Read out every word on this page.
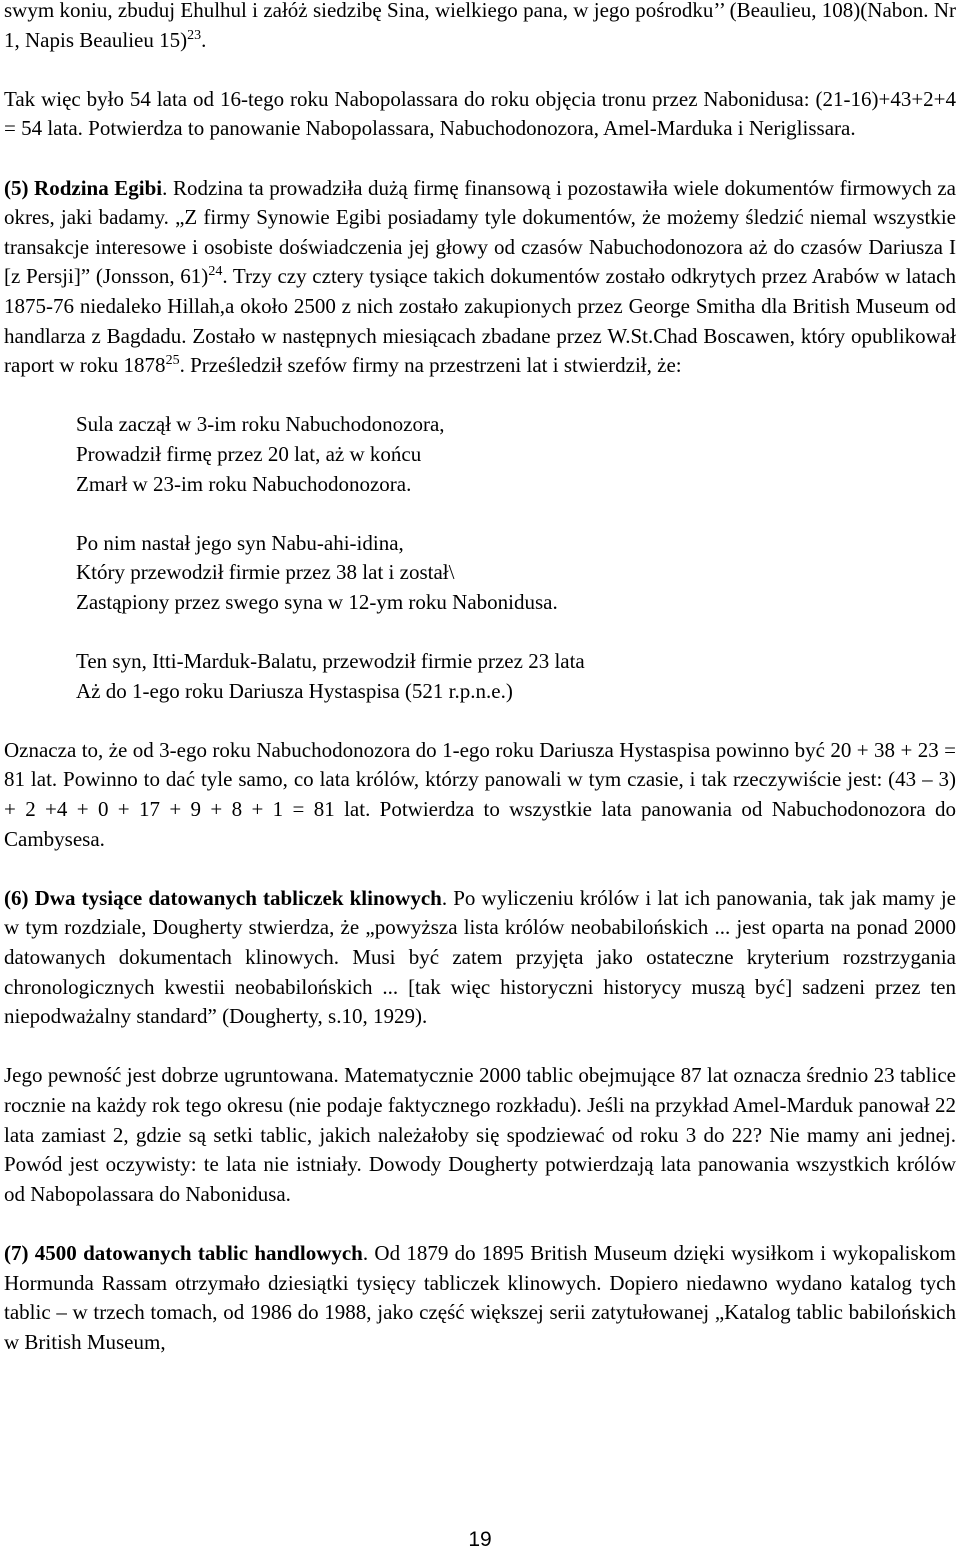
swym koniu, zbuduj Ehulhul i załóż siedzibę Sina, wielkiego pana, w jego pośrodku’’ (Beaulieu, 108)(Nabon. Nr 1, Napis Beaulieu 15)$^{23}$.

Tak więc było 54 lata od 16-tego roku Nabopolassara do roku objęcia tronu przez Nabonidusa: (21-16)+43+2+4 = 54 lata. Potwierdza to panowanie Nabopolassara, Nabuchodonozora, Amel-Marduka i Neriglissara.

(5) Rodzina Egibi. Rodzina ta prowadziła dużą firmę finansową i pozostawiła wiele dokumentów firmowych za okres, jaki badamy. „Z firmy Synowie Egibi posiadamy tyle dokumentów, że możemy śledzić niemal wszystkie transakcje interesowe i osobiste doświadczenia jej głowy od czasów Nabuchodonozora aż do czasów Dariusza I [z Persji]” (Jonsson, 61)$^{24}$. Trzy czy cztery tysiące takich dokumentów zostało odkrytych przez Arabów w latach 1875-76 niedaleko Hillah,a około 2500 z nich zostało zakupionych przez George Smitha dla British Museum od handlarza z Bagdadu. Zostało w następnych miesiącach zbadane przez W.St.Chad Boscawen, który opublikował raport w roku 1878$^{25}$. Prześledził szefów firmy na przestrzeni lat i stwierdził, że:

Sula zaczął w 3-im roku Nabuchodonozora,

Prowadził firmę przez 20 lat, aż w końcu

Zmarł w 23-im roku Nabuchodonozora.

Po nim nastał jego syn Nabu-ahi-idina,

Który przewodził firmie przez 38 lat i został\

Zastąpiony przez swego syna w 12-ym roku Nabonidusa.

Ten syn, Itti-Marduk-Balatu, przewodził firmie przez 23 lata

Aż do 1-ego roku Dariusza Hystaspisa (521 r.p.n.e.)

Oznacza to, że od 3-ego roku Nabuchodonozora do 1-ego roku Dariusza Hystaspisa powinno być 20 + 38 + 23 = 81 lat. Powinno to dać tyle samo, co lata królów, którzy panowali w tym czasie, i tak rzeczywiście jest: (43 – 3) + 2 +4 + 0 + 17 + 9 + 8 + 1 = 81 lat. Potwierdza to wszystkie lata panowania od Nabuchodonozora do Cambysesa.

(6) Dwa tysiące datowanych tabliczek klinowych. Po wyliczeniu królów i lat ich panowania, tak jak mamy je w tym rozdziale, Dougherty stwierdza, że „powyższa lista królów neobabilońskich ... jest oparta na ponad 2000 datowanych dokumentach klinowych. Musi być zatem przyjęta jako ostateczne kryterium rozstrzygania chronologicznych kwestii neobabilońskich ... [tak więc historyczni historycy muszą być] sadzeni przez ten niepodważalny standard” (Dougherty, s.10, 1929).

Jego pewność jest dobrze ugruntowana. Matematycznie 2000 tablic obejmujące 87 lat oznacza średnio 23 tablice rocznie na każdy rok tego okresu (nie podaje faktycznego rozkładu). Jeśli na przykład Amel-Marduk panował 22 lata zamiast 2, gdzie są setki tablic, jakich należałoby się spodziewać od roku 3 do 22? Nie mamy ani jednej. Powód jest oczywisty: te lata nie istniały. Dowody Dougherty potwierdzają lata panowania wszystkich królów od Nabopolassara do Nabonidusa.

(7) 4500 datowanych tablic handlowych. Od 1879 do 1895 British Museum dzięki wysiłkom i wykopaliskom Hormunda Rassam otrzymało dziesiątki tysięcy tabliczek klinowych. Dopiero niedawno wydano katalog tych tablic – w trzech tomach, od 1986 do 1988, jako część większej serii zatytułowanej „Katalog tablic babilońskich w British Museum,

19
